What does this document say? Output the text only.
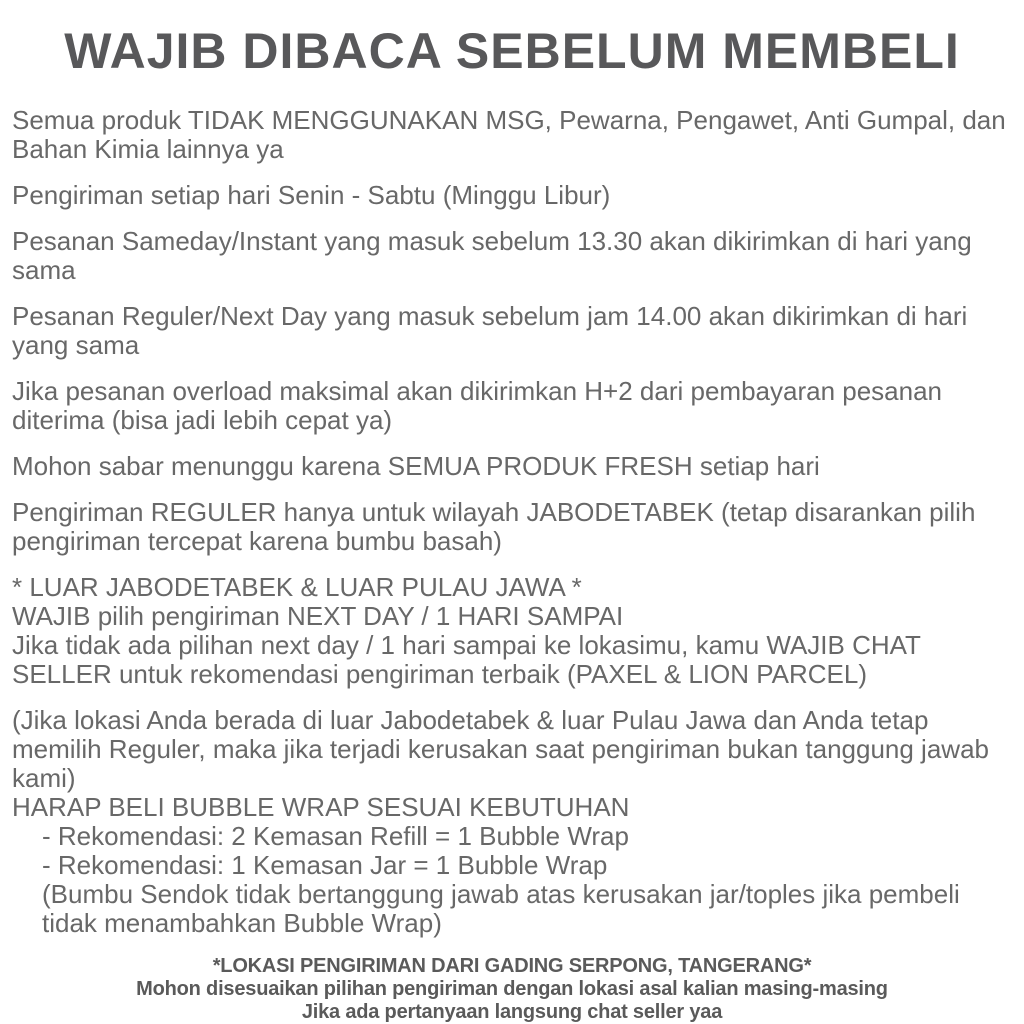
WAJIB DIBACA SEBELUM MEMBELI

Semua produk TIDAK MENGGUNAKAN MSG, Pewarna, Pengawet, Anti Gumpal, dan Bahan Kimia lainnya ya

Pengiriman setiap hari Senin - Sabtu (Minggu Libur)

Pesanan Sameday/Instant yang masuk sebelum 13.30 akan dikirimkan di hari yang sama

Pesanan Reguler/Next Day yang masuk sebelum jam 14.00 akan dikirimkan di hari yang sama

Jika pesanan overload maksimal akan dikirimkan H+2 dari pembayaran pesanan diterima (bisa jadi lebih cepat ya)

Mohon sabar menunggu karena SEMUA PRODUK FRESH setiap hari

Pengiriman REGULER hanya untuk wilayah JABODETABEK (tetap disarankan pilih pengiriman tercepat karena bumbu basah)

* LUAR JABODETABEK & LUAR PULAU JAWA *
WAJIB pilih pengiriman NEXT DAY / 1 HARI SAMPAI
Jika tidak ada pilihan next day / 1 hari sampai ke lokasimu, kamu WAJIB CHAT SELLER untuk rekomendasi pengiriman terbaik (PAXEL & LION PARCEL)

(Jika lokasi Anda berada di luar Jabodetabek & luar Pulau Jawa dan Anda tetap memilih Reguler, maka jika terjadi kerusakan saat pengiriman bukan tanggung jawab kami)

HARAP BELI BUBBLE WRAP SESUAI KEBUTUHAN
- Rekomendasi: 2 Kemasan Refill = 1 Bubble Wrap
- Rekomendasi: 1 Kemasan Jar = 1 Bubble Wrap
(Bumbu Sendok tidak bertanggung jawab atas kerusakan jar/toples jika pembeli tidak menambahkan Bubble Wrap)
*LOKASI PENGIRIMAN DARI GADING SERPONG, TANGERANG*
Mohon disesuaikan pilihan pengiriman dengan lokasi asal kalian masing-masing
Jika ada pertanyaan langsung chat seller yaa
